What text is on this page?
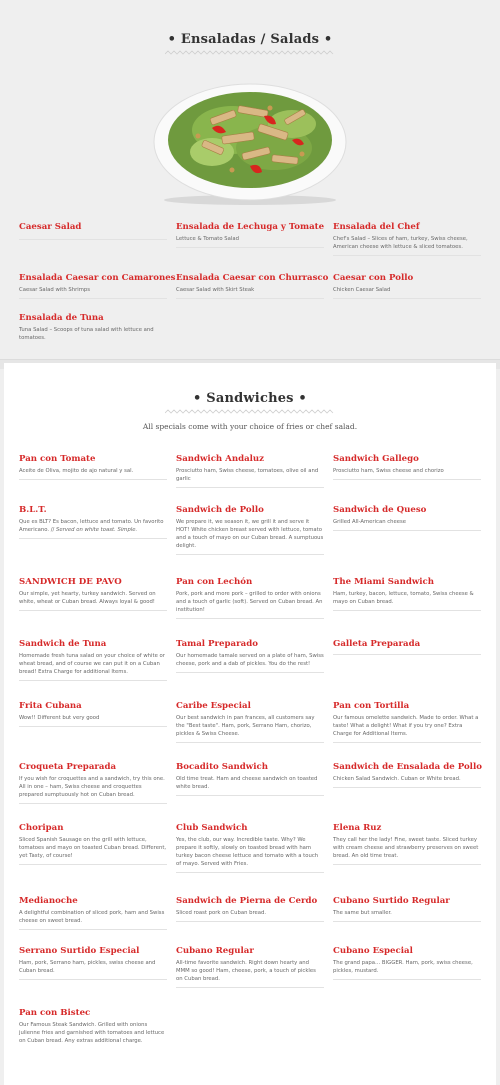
• Ensaladas / Salads •
Caesar Salad	Ensalada de Lechuga y Tomate
Lettuce & Tomato Salad
Ensalada del Chef
Chef's Salad – Slices of ham, turkey, Swiss cheese, American cheese with lettuce & sliced tomatoes.
Ensalada Caesar con Camarones
Caesar Salad with Shrimps
Ensalada Caesar con Churrasco
Caesar Salad with Skirt Steak
Caesar con Pollo
Chicken Caesar Salad
Ensalada de Tuna
Tuna Salad – Scoops of tuna salad with lettuce and tomatoes.
• Sandwiches •
All specials come with your choice of fries or chef salad.
Pan con Tomate
Aceite de Oliva, mojito de ajo natural y sal.
Sandwich Andaluz
Prosciutto ham, Swiss cheese, tomatoes, olive oil and garlic
Sandwich Gallego
Prosciutto ham, Swiss cheese and chorizo
B.L.T.
Que es BLT? Es bacon, lettuce and tomato. Un favorito Americano. // Served on white toast. Simple.
Sandwich de Pollo
We prepare it, we season it, we grill it and serve it HOT! White chicken breast served with lettuce, tomato and a touch of mayo on our Cuban bread. A sumptuous delight.
Sandwich de Queso
Grilled All-American cheese
SANDWICH DE PAVO
Our simple, yet hearty, turkey sandwich. Served on white, wheat or Cuban bread. Always loyal & good!
Pan con Lechón
Pork, pork and more pork – grilled to order with onions and a touch of garlic (soft). Served on Cuban bread. An institution!
The Miami Sandwich
Ham, turkey, bacon, lettuce, tomato, Swiss cheese & mayo on Cuban bread.
Sandwich de Tuna
Homemade fresh tuna salad on your choice of white or wheat bread, and of course we can put it on a Cuban bread! Extra Charge for additional Items.
Tamal Preparado
Our homemade tamale served on a plate of ham, Swiss cheese, pork and a dab of pickles. You do the rest!
Galleta Preparada
Frita Cubana
Wow!! Different but very good
Caribe Especial
Our best sandwich in pan frances, all customers say the "Best taste". Ham, pork, Serrano Ham, chorizo, pickles & Swiss Cheese.
Pan con Tortilla
Our famous omelette sandwich. Made to order. What a taste! What a delight! What if you try one? Extra Charge for Additional Items.
Croqueta Preparada
If you wish for croquettes and a sandwich, try this one. All in one – ham, Swiss cheese and croquettes prepared sumptuously hot on Cuban bread.
Bocadito Sandwich
Old time treat. Ham and cheese sandwich on toasted white bread.
Sandwich de Ensalada de Pollo
Chicken Salad Sandwich. Cuban or White bread.
Choripan
Sliced Spanish Sausage on the grill with lettuce, tomatoes and mayo on toasted Cuban bread. Different, yet Tasty, of course!
Club Sandwich
Yes, the club, our way. Incredible taste. Why? We prepare it softly, slowly on toasted bread with ham turkey bacon cheese lettuce and tomato with a touch of mayo. Served with Fries.
Elena Ruz
They call her the lady! Fine, sweet taste. Sliced turkey with cream cheese and strawberry preserves on sweet bread. An old time treat.
Medianoche
A delightful combination of sliced pork, ham and Swiss cheese on sweet bread.
Sandwich de Pierna de Cerdo
Sliced roast pork on Cuban bread.
Cubano Surtido Regular
The same but smaller.
Serrano Surtido Especial
Ham, pork, Serrano ham, pickles, swiss cheese and Cuban bread.
Cubano Regular
All-time favorite sandwich. Right down hearty and MMM so good! Ham, cheese, pork, a touch of pickles on Cuban bread.
Cubano Especial
The grand papa… BIGGER. Ham, pork, swiss cheese, pickles, mustard.
Pan con Bistec
Our Famous Steak Sandwich. Grilled with onions julienne fries and garnished with tomatoes and lettuce on Cuban bread. Any extras additional charge.
